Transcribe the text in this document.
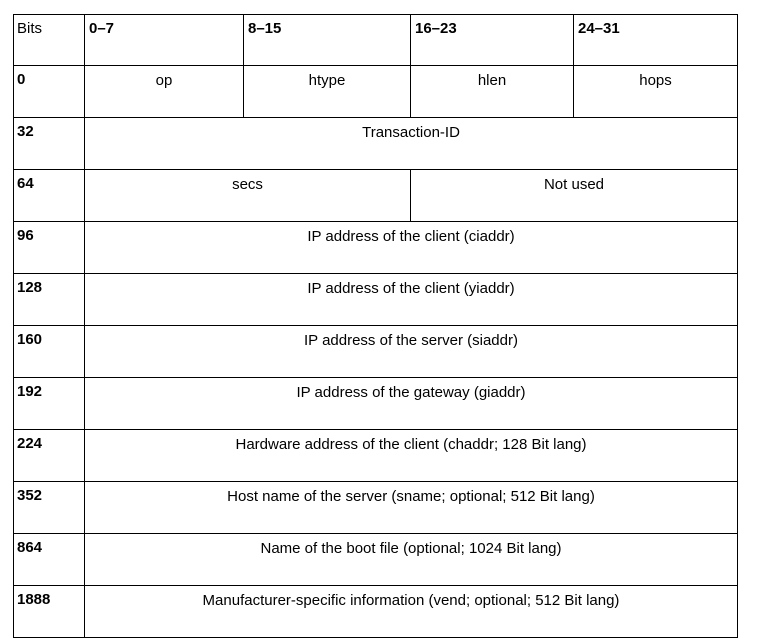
Bits	0–7	8–15	16–23	24–31
0	op	htype	hlen	hops
32	Transaction-ID			
64	secs		Not used	
96	IP address of the client (ciaddr)			
128	IP address of the client (yiaddr)			
160	IP address of the server (siaddr)			
192	IP address of the gateway (giaddr)			
224	Hardware address of the client (chaddr; 128 Bit lang)			
352	Host name of the server (sname; optional; 512 Bit lang)			
864	Name of the boot file (optional; 1024 Bit lang)			
1888	Manufacturer-specific information (vend; optional; 512 Bit lang)			
